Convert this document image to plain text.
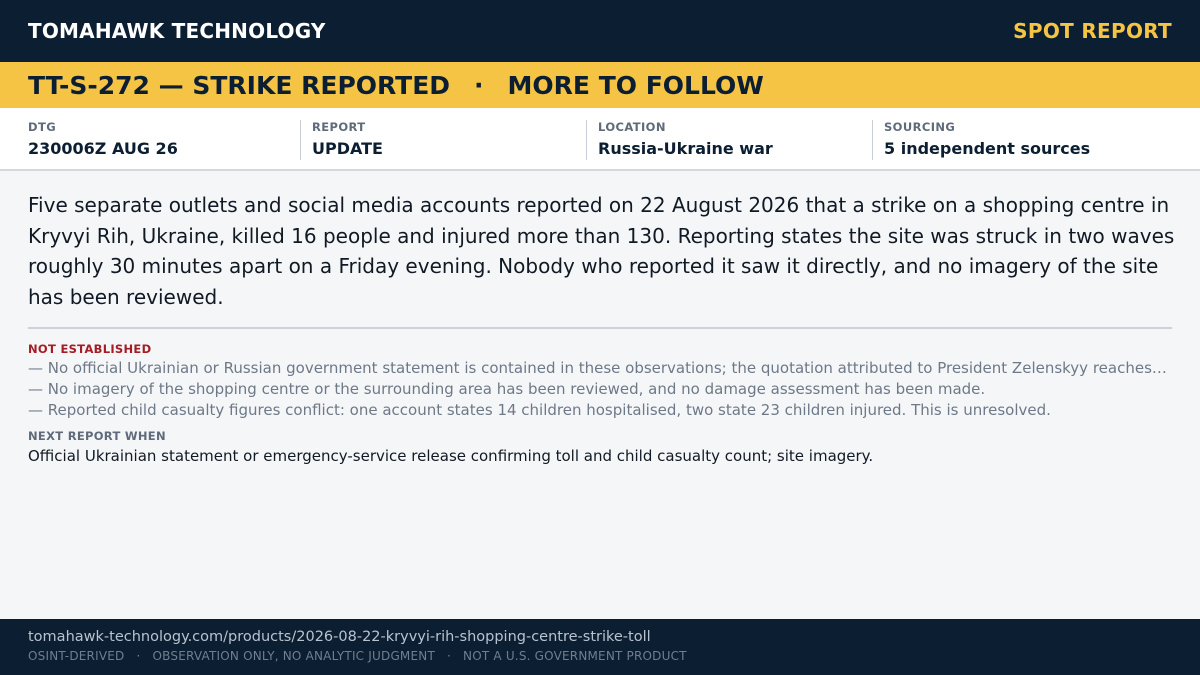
TOMAHAWK TECHNOLOGY	SPOT REPORT
TT-S-272 — STRIKE REPORTED · MORE TO FOLLOW
DTG
230006Z AUG 26
REPORT
UPDATE
LOCATION
Russia-Ukraine war
SOURCING
5 independent sources

Five separate outlets and social media accounts reported on 22 August 2026 that a strike on a shopping centre in Kryvyi Rih, Ukraine, killed 16 people and injured more than 130. Reporting states the site was struck in two waves roughly 30 minutes apart on a Friday evening. Nobody who reported it saw it directly, and no imagery of the site has been reviewed.

NOT ESTABLISHED
— No official Ukrainian or Russian government statement is contained in these observations; the quotation attributed to President Zelenskyy reaches…
— No imagery of the shopping centre or the surrounding area has been reviewed, and no damage assessment has been made.
— Reported child casualty figures conflict: one account states 14 children hospitalised, two state 23 children injured. This is unresolved.
NEXT REPORT WHEN
Official Ukrainian statement or emergency-service release confirming toll and child casualty count; site imagery.
tomahawk-technology.com/products/2026-08-22-kryvyi-rih-shopping-centre-strike-toll
OSINT-DERIVED · OBSERVATION ONLY, NO ANALYTIC JUDGMENT · NOT A U.S. GOVERNMENT PRODUCT
